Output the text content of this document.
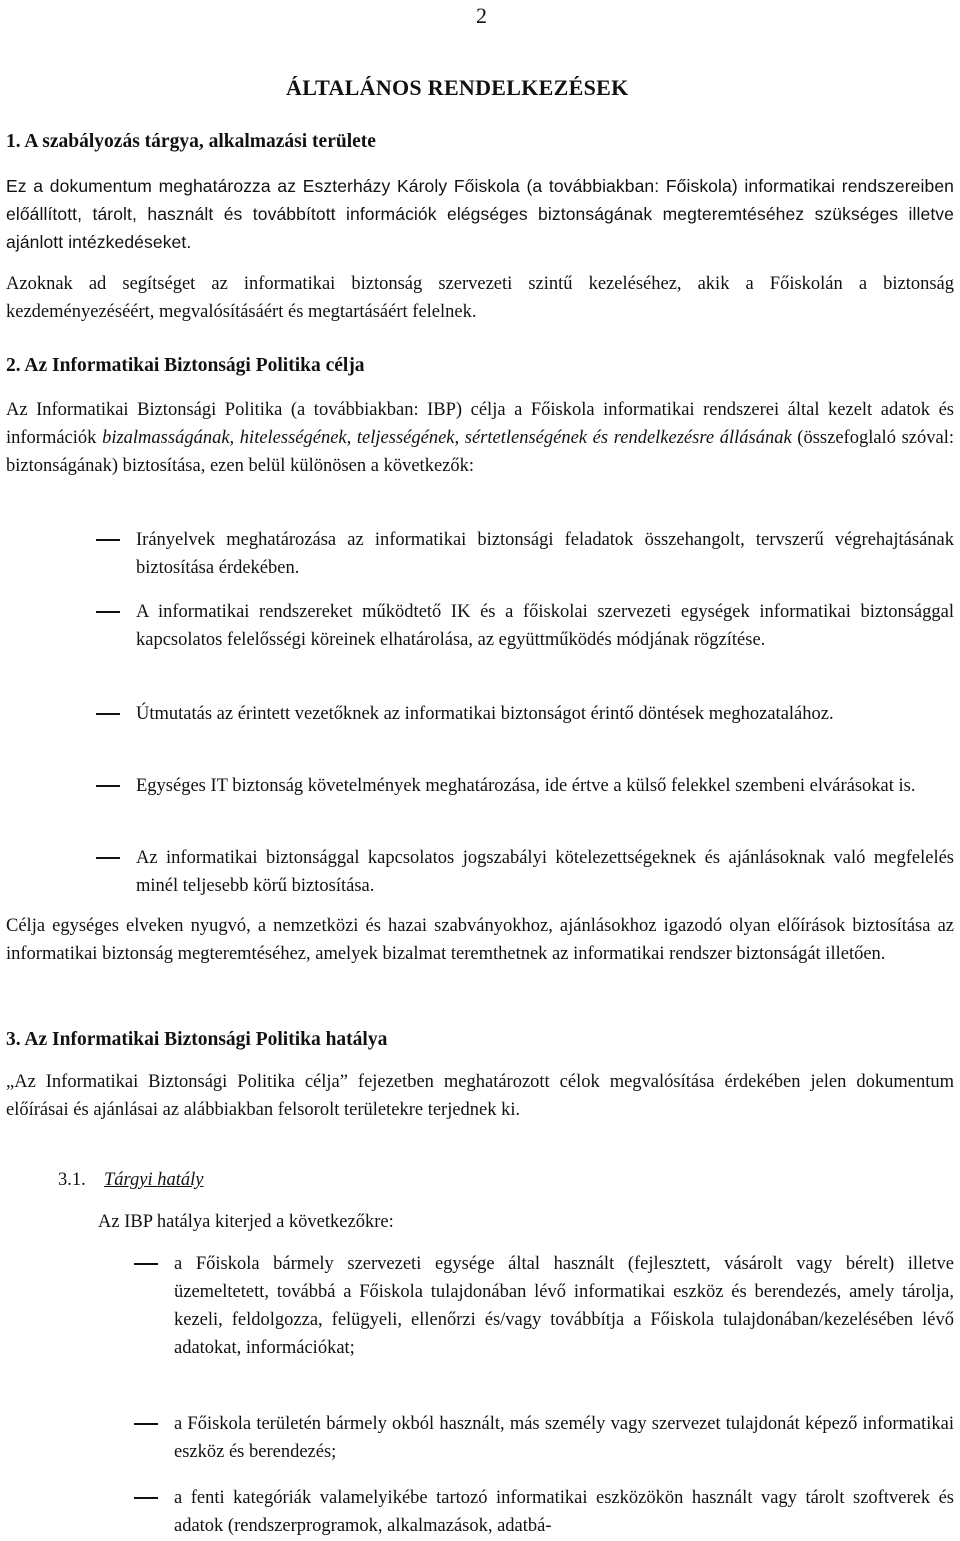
2
ÁLTALÁNOS RENDELKEZÉSEK
1. A szabályozás tárgya, alkalmazási területe

Ez a dokumentum meghatározza az Eszterházy Károly Főiskola (a továbbiakban: Főiskola) informatikai rendszereiben előállított, tárolt, használt és továbbított információk elégséges biztonságának megteremtéséhez szükséges illetve ajánlott intézkedéseket.

Azoknak ad segítséget az informatikai biztonság szervezeti szintű kezeléséhez, akik a Főiskolán a biztonság kezdeményezéséért, megvalósításáért és megtartásáért felelnek.

2. Az Informatikai Biztonsági Politika célja

Az Informatikai Biztonsági Politika (a továbbiakban: IBP) célja a Főiskola informatikai rendszerei által kezelt adatok és információk bizalmasságának, hitelességének, teljességének, sértetlenségének és rendelkezésre állásának (összefoglaló szóval: biztonságának) biztosítása, ezen belül különösen a következők:

Irányelvek meghatározása az informatikai biztonsági feladatok összehangolt, tervszerű végrehajtásának biztosítása érdekében.

A informatikai rendszereket működtető IK és a főiskolai szervezeti egységek informatikai biztonsággal kapcsolatos felelősségi köreinek elhatárolása, az együttműködés módjának rögzítése.

Útmutatás az érintett vezetőknek az informatikai biztonságot érintő döntések meghozatalához.

Egységes IT biztonság követelmények meghatározása, ide értve a külső felekkel szembeni elvárásokat is.

Az informatikai biztonsággal kapcsolatos jogszabályi kötelezettségeknek és ajánlásoknak való megfelelés minél teljesebb körű biztosítása.

Célja egységes elveken nyugvó, a nemzetközi és hazai szabványokhoz, ajánlásokhoz igazodó olyan előírások biztosítása az informatikai biztonság megteremtéséhez, amelyek bizalmat teremthetnek az informatikai rendszer biztonságát illetően.

3. Az Informatikai Biztonsági Politika hatálya

„Az Informatikai Biztonsági Politika célja” fejezetben meghatározott célok megvalósítása érdekében jelen dokumentum előírásai és ajánlásai az alábbiakban felsorolt területekre terjednek ki.

3.1. Tárgyi hatály
Az IBP hatálya kiterjed a következőkre:

a Főiskola bármely szervezeti egysége által használt (fejlesztett, vásárolt vagy bérelt) illetve üzemeltetett, továbbá a Főiskola tulajdonában lévő informatikai eszköz és berendezés, amely tárolja, kezeli, feldolgozza, felügyeli, ellenőrzi és/vagy továbbítja a Főiskola tulajdonában/kezelésében lévő adatokat, információkat;

a Főiskola területén bármely okból használt, más személy vagy szervezet tulajdonát képező informatikai eszköz és berendezés;

a fenti kategóriák valamelyikébe tartozó informatikai eszközökön használt vagy tárolt szoftverek és adatok (rendszerprogramok, alkalmazások, adatbá-
